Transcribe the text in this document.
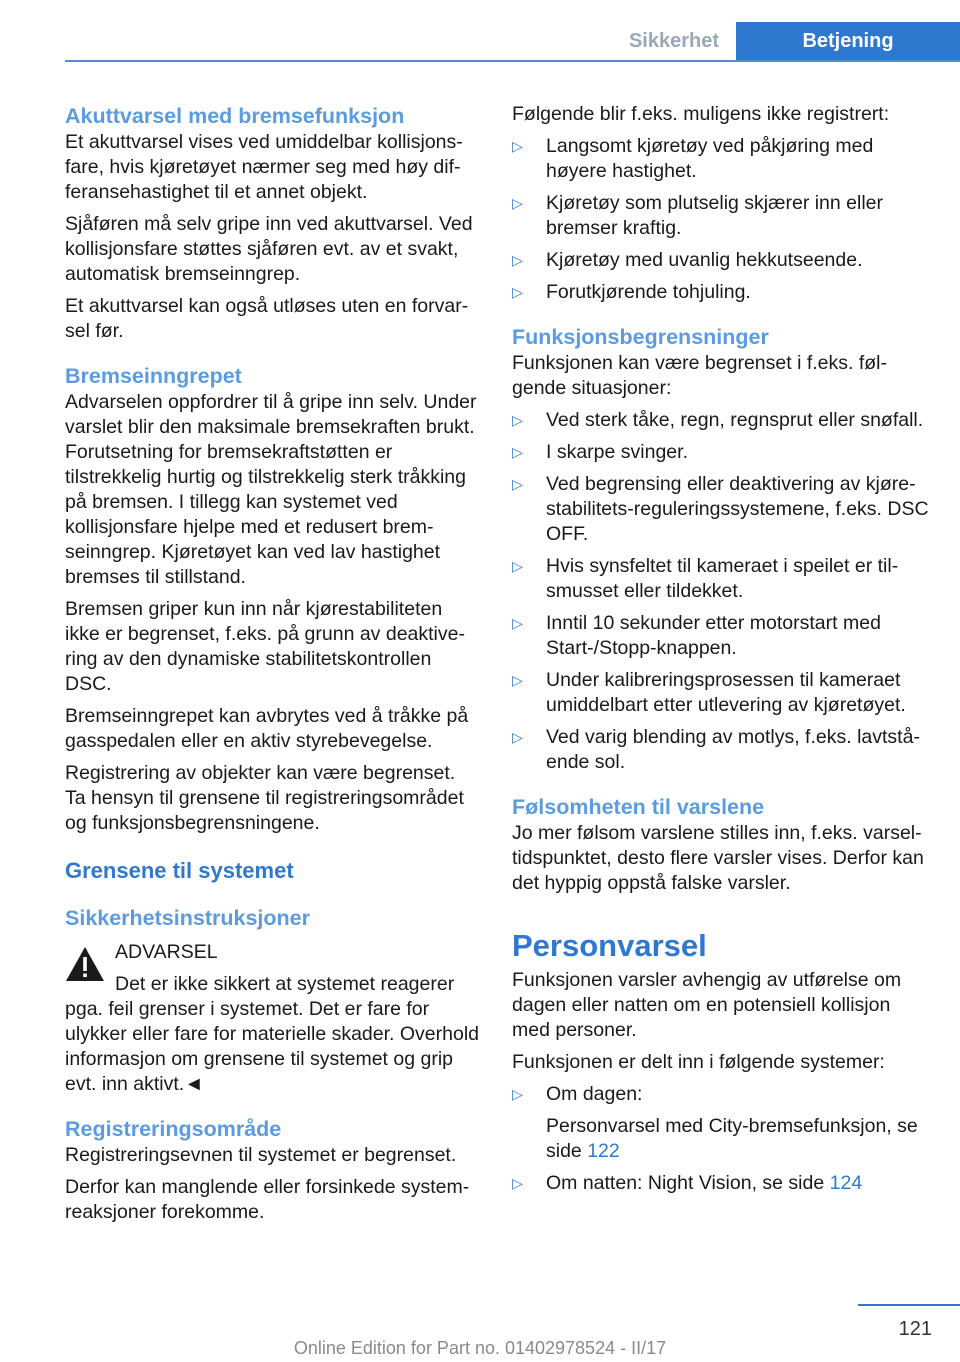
Sikkerhet	Betjening
Akuttvarsel med bremsefunksjon

Et akuttvarsel vises ved umiddelbar kollisjonsfare, hvis kjøretøyet nærmer seg med høy differansehastighet til et annet objekt.

Sjåføren må selv gripe inn ved akuttvarsel. Ved kollisjonsfare støttes sjåføren evt. av et svakt, automatisk bremseinngrep.

Et akuttvarsel kan også utløses uten en forvarsel før.

Bremseinngrepet

Advarselen oppfordrer til å gripe inn selv. Under varslet blir den maksimale bremsekraften brukt. Forutsetning for bremsekraftstøtten er tilstrekkelig hurtig og tilstrekkelig sterk tråkking på bremsen. I tillegg kan systemet ved kollisjonsfare hjelpe med et redusert bremseinngrep. Kjøretøyet kan ved lav hastighet bremses til stillstand.

Bremsen griper kun inn når kjørestabiliteten ikke er begrenset, f.eks. på grunn av deaktivering av den dynamiske stabilitetskontrollen DSC.

Bremseinngrepet kan avbrytes ved å tråkke på gasspedalen eller en aktiv styrebevegelse.

Registrering av objekter kan være begrenset. Ta hensyn til grensene til registreringsområdet og funksjonsbegrensningene.

Grensene til systemet
Sikkerhetsinstruksjoner
ADVARSEL
Det er ikke sikkert at systemet reagerer
pga. feil grenser i systemet. Det er fare for ulykker eller fare for materielle skader. Overhold informasjon om grensene til systemet og grip evt. inn aktivt.◄
Registreringsområde

Registreringsevnen til systemet er begrenset.

Derfor kan manglende eller forsinkede systemreaksjoner forekomme.

Følgende blir f.eks. muligens ikke registrert:

▷	Langsomt kjøretøy ved påkjøring med høyere hastighet.
▷	Kjøretøy som plutselig skjærer inn eller bremser kraftig.
▷	Kjøretøy med uvanlig hekkutseende.
▷	Forutkjørende tohjuling.
Funksjonsbegrensninger

Funksjonen kan være begrenset i f.eks. følgende situasjoner:

▷	Ved sterk tåke, regn, regnsprut eller snøfall.
▷	I skarpe svinger.
▷	Ved begrensing eller deaktivering av kjørestabilitets-reguleringssystemene, f.eks. DSC OFF.
▷	Hvis synsfeltet til kameraet i speilet er tilsmusset eller tildekket.
▷	Inntil 10 sekunder etter motorstart med Start-/Stopp-knappen.
▷	Under kalibreringsprosessen til kameraet umiddelbart etter utlevering av kjøretøyet.
▷	Ved varig blending av motlys, f.eks. lavtstående sol.
Følsomheten til varslene

Jo mer følsom varslene stilles inn, f.eks. varseltidspunktet, desto flere varsler vises. Derfor kan det hyppig oppstå falske varsler.

Personvarsel

Funksjonen varsler avhengig av utførelse om dagen eller natten om en potensiell kollisjon med personer.

Funksjonen er delt inn i følgende systemer:

▷	Om dagen:
Personvarsel med City-bremsefunksjon, se side 122
▷	Om natten: Night Vision, se side 124
121
Online Edition for Part no. 01402978524 - II/17
